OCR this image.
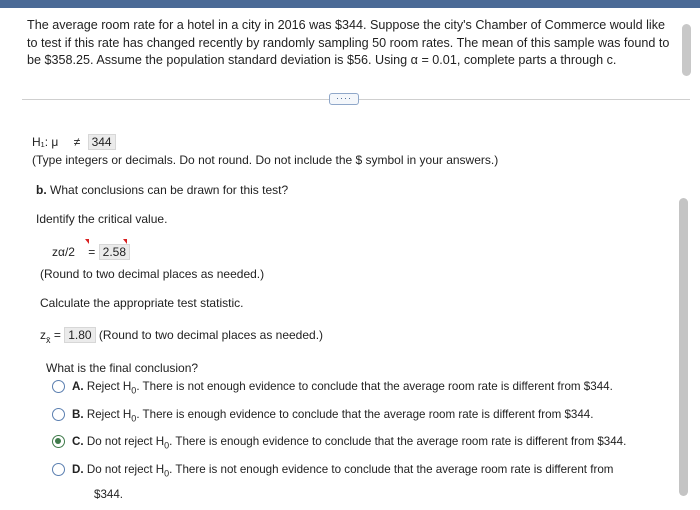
The average room rate for a hotel in a city in 2016 was $344. Suppose the city's Chamber of Commerce would like to test if this rate has changed recently by randomly sampling 50 room rates. The mean of this sample was found to be $358.25. Assume the population standard deviation is $56. Using α = 0.01, complete parts a through c.
····
H₁: μ ≠ 344
(Type integers or decimals. Do not round. Do not include the $ symbol in your answers.)
b. What conclusions can be drawn for this test?
Identify the critical value.
zα/2 = 2.58
(Round to two decimal places as needed.)
Calculate the appropriate test statistic.
$z_{x̄} = 1.80$ (Round to two decimal places as needed.)
What is the final conclusion?
A. Reject $H_0$. There is not enough evidence to conclude that the average room rate is different from $344.
B. Reject $H_0$. There is enough evidence to conclude that the average room rate is different from $344.
C. Do not reject $H_0$. There is enough evidence to conclude that the average room rate is different from $344.
D. Do not reject $H_0$. There is not enough evidence to conclude that the average room rate is different from
$344.
